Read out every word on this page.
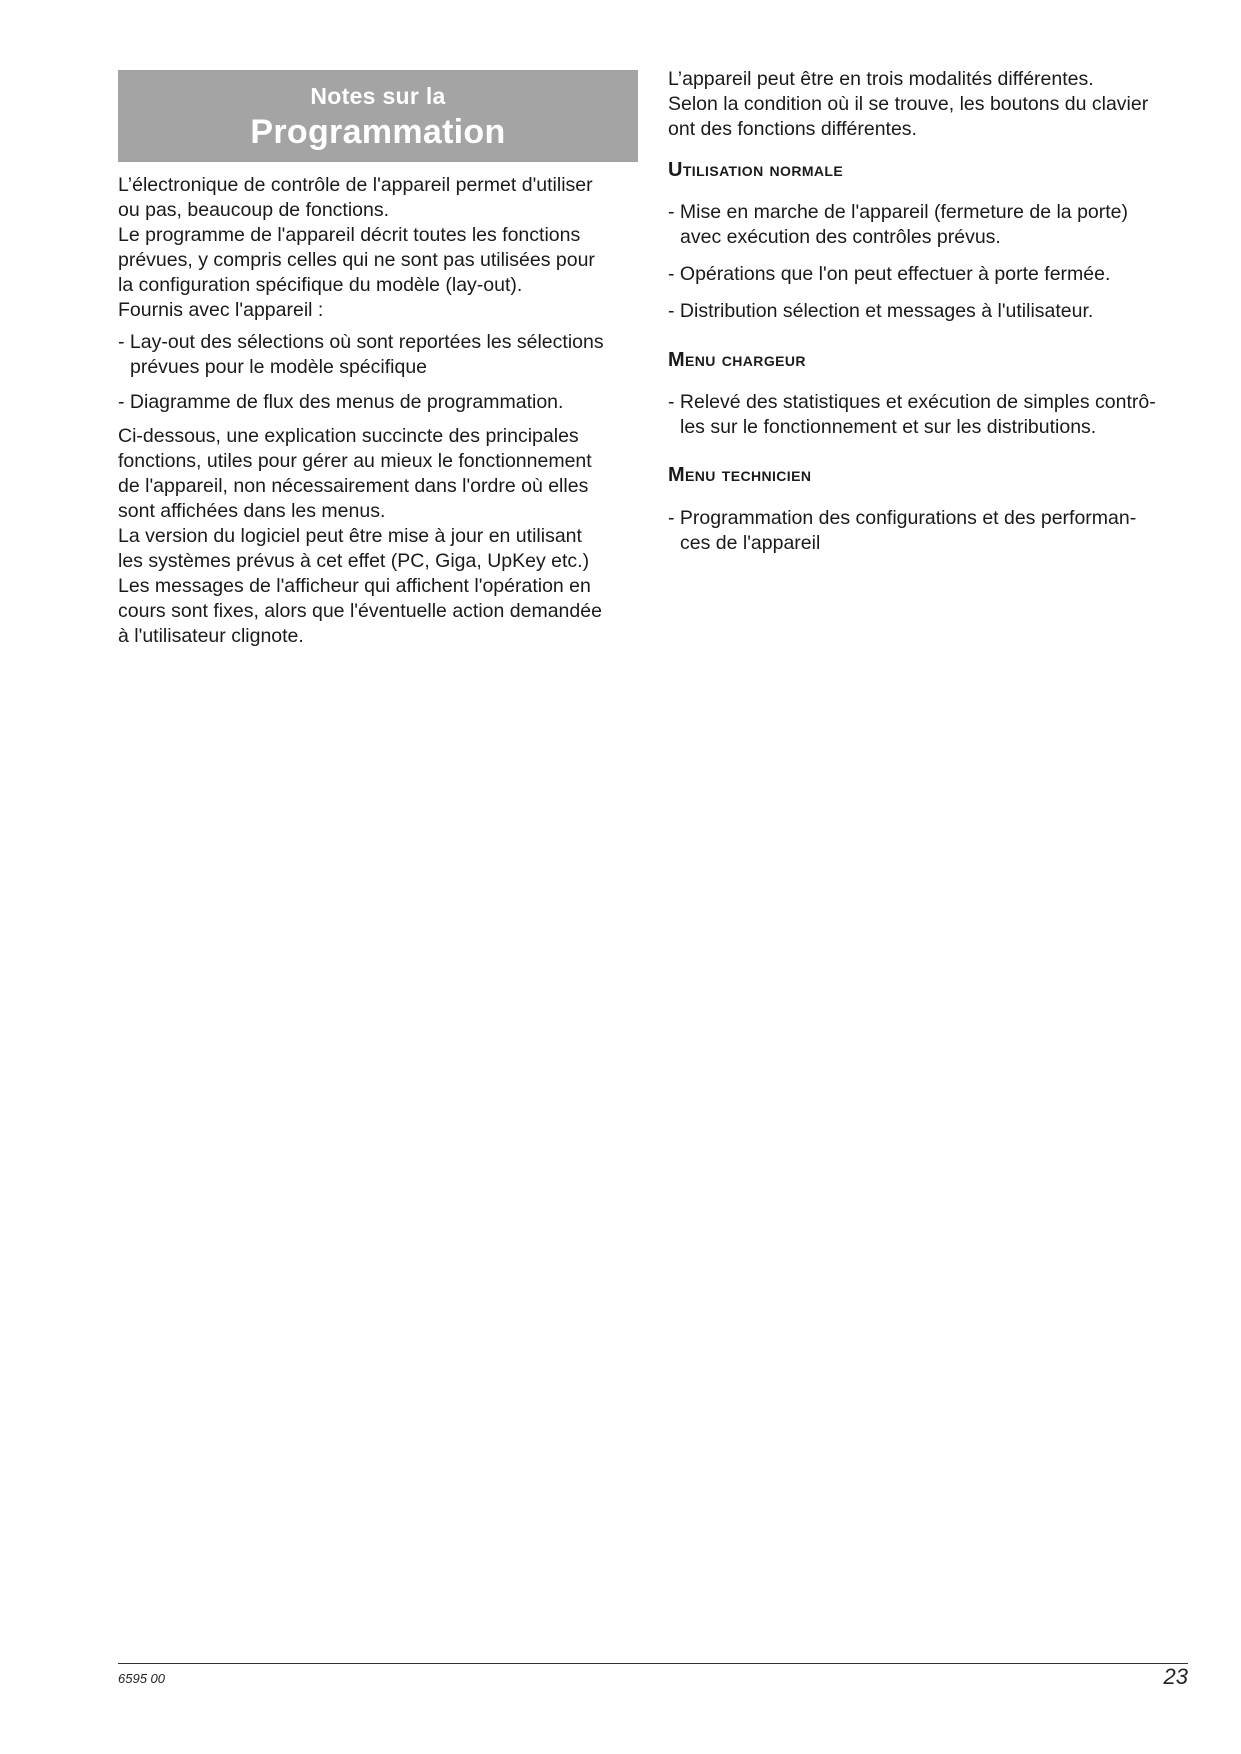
Notes sur la
Programmation

L’électronique de contrôle de l'appareil permet d'utiliser
ou pas, beaucoup de fonctions.
Le programme de l'appareil décrit toutes les fonctions
prévues, y compris celles qui ne sont pas utilisées pour
la configuration spécifique du modèle (lay-out).
Fournis avec l'appareil :

- Lay-out des sélections où sont reportées les sélections
prévues pour le modèle spécifique

- Diagramme de flux des menus de programmation.

Ci-dessous, une explication succincte des principales
fonctions, utiles pour gérer au mieux le fonctionnement
de l'appareil, non nécessairement dans l'ordre où elles
sont affichées dans les menus.
La version du logiciel peut être mise à jour en utilisant
les systèmes prévus à cet effet (PC, Giga, UpKey etc.)
Les messages de l'afficheur qui affichent l'opération en
cours sont fixes, alors que l'éventuelle action demandée
à l'utilisateur clignote.

L’appareil peut être en trois modalités différentes.
Selon la condition où il se trouve, les boutons du clavier
ont des fonctions différentes.

Utilisation normale

- Mise en marche de l'appareil (fermeture de la porte)
avec exécution des contrôles prévus.

- Opérations que l'on peut effectuer à porte fermée.

- Distribution sélection et messages à l'utilisateur.

Menu chargeur

- Relevé des statistiques et exécution de simples contrô-
les sur le fonctionnement et sur les distributions.

Menu technicien

- Programmation des configurations et des performan-
ces de l'appareil

6595 00	23
